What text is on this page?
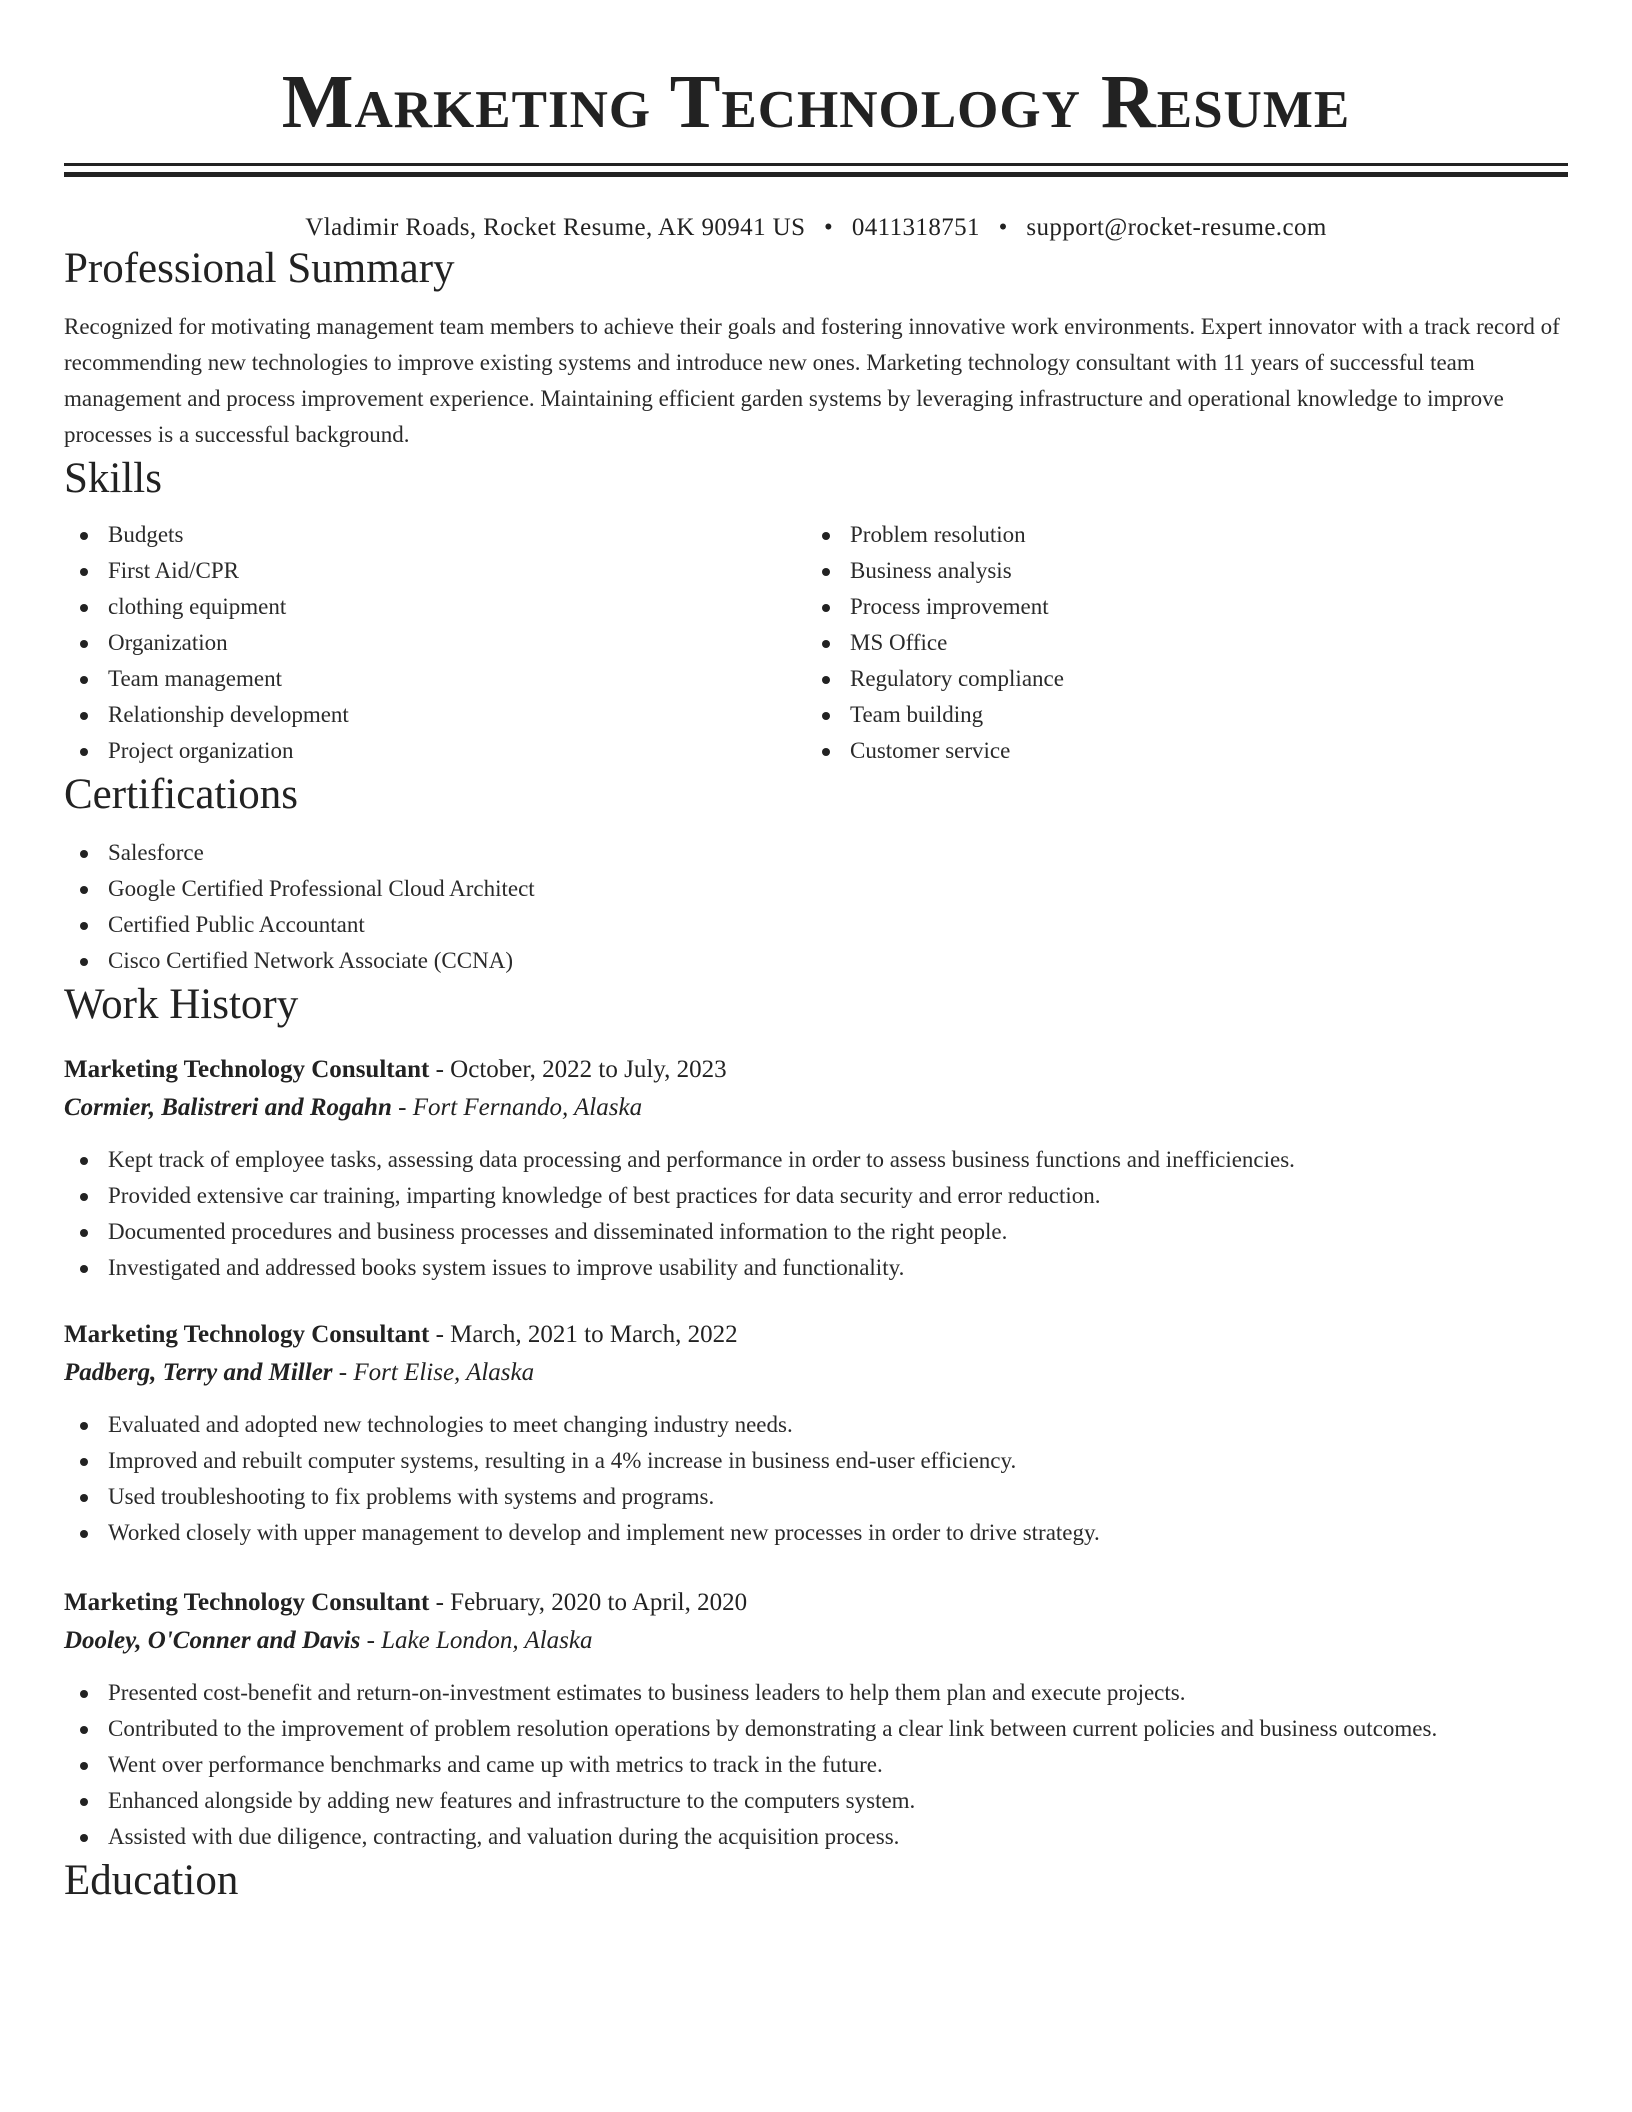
Marketing Technology Resume
Vladimir Roads, Rocket Resume, AK 90941 US • 0411318751 • support@rocket-resume.com
Professional Summary

Recognized for motivating management team members to achieve their goals and fostering innovative work environments. Expert innovator with a track record of recommending new technologies to improve existing systems and introduce new ones. Marketing technology consultant with 11 years of successful team management and process improvement experience. Maintaining efficient garden systems by leveraging infrastructure and operational knowledge to improve processes is a successful background.

Skills
Budgets
First Aid/CPR
clothing equipment
Organization
Team management
Relationship development
Project organization
Problem resolution
Business analysis
Process improvement
MS Office
Regulatory compliance
Team building
Customer service
Certifications
Salesforce
Google Certified Professional Cloud Architect
Certified Public Accountant
Cisco Certified Network Associate (CCNA)
Work History
Marketing Technology Consultant - October, 2022 to July, 2023
Cormier, Balistreri and Rogahn - Fort Fernando, Alaska
Kept track of employee tasks, assessing data processing and performance in order to assess business functions and inefficiencies.
Provided extensive car training, imparting knowledge of best practices for data security and error reduction.
Documented procedures and business processes and disseminated information to the right people.
Investigated and addressed books system issues to improve usability and functionality.
Marketing Technology Consultant - March, 2021 to March, 2022
Padberg, Terry and Miller - Fort Elise, Alaska
Evaluated and adopted new technologies to meet changing industry needs.
Improved and rebuilt computer systems, resulting in a 4% increase in business end-user efficiency.
Used troubleshooting to fix problems with systems and programs.
Worked closely with upper management to develop and implement new processes in order to drive strategy.
Marketing Technology Consultant - February, 2020 to April, 2020
Dooley, O'Conner and Davis - Lake London, Alaska
Presented cost-benefit and return-on-investment estimates to business leaders to help them plan and execute projects.
Contributed to the improvement of problem resolution operations by demonstrating a clear link between current policies and business outcomes.
Went over performance benchmarks and came up with metrics to track in the future.
Enhanced alongside by adding new features and infrastructure to the computers system.
Assisted with due diligence, contracting, and valuation during the acquisition process.
Education
